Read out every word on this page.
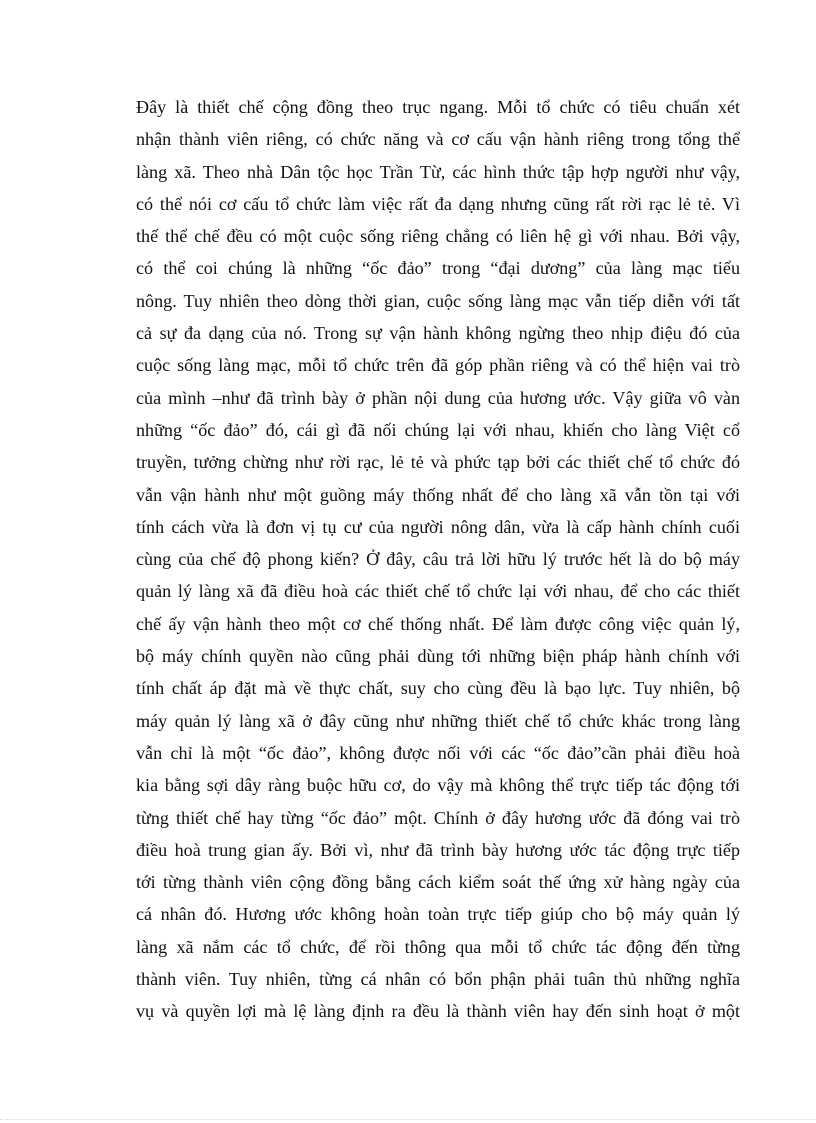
Đây là thiết chế cộng đồng theo trục ngang. Mỗi tổ chức có tiêu chuẩn xét
nhận thành viên riêng, có chức năng và cơ cấu vận hành riêng trong tổng thể
làng xã. Theo nhà Dân tộc học Trần Từ, các hình thức tập hợp người như vậy,
có thể nói cơ cấu tổ chức làm việc rất đa dạng nhưng cũng rất rời rạc lẻ tẻ. Vì
thế thể chế đều có một cuộc sống riêng chẳng có liên hệ gì với nhau. Bởi vậy,
có thể coi chúng là những “ốc đảo” trong “đại dương” của làng mạc tiểu
nông. Tuy nhiên theo dòng thời gian, cuộc sống làng mạc vẫn tiếp diễn với tất
cả sự đa dạng của nó. Trong sự vận hành không ngừng theo nhịp điệu đó của
cuộc sống làng mạc, mỗi tổ chức trên đã góp phần riêng và có thể hiện vai trò
của mình –như đã trình bày ở phần nội dung của hương ước. Vậy giữa vô vàn
những “ốc đảo” đó, cái gì đã nối chúng lại với nhau, khiến cho làng Việt cổ
truyền, tưởng chừng như rời rạc, lẻ tẻ và phức tạp bởi các thiết chế tổ chức đó
vẫn vận hành như một guồng máy thống nhất để cho làng xã vẫn tồn tại với
tính cách vừa là đơn vị tụ cư của người nông dân, vừa là cấp hành chính cuối
cùng của chế độ phong kiến? Ở đây, câu trả lời hữu lý trước hết là do bộ máy
quản lý làng xã đã điều hoà các thiết chế tổ chức lại với nhau, để cho các thiết
chế ấy vận hành theo một cơ chế thống nhất. Để làm được công việc quản lý,
bộ máy chính quyền nào cũng phải dùng tới những biện pháp hành chính với
tính chất áp đặt mà về thực chất, suy cho cùng đều là bạo lực. Tuy nhiên, bộ
máy quản lý làng xã ở đây cũng như những thiết chế tổ chức khác trong làng
vẫn chỉ là một “ốc đảo”, không được nối với các “ốc đảo”cần phải điều hoà
kia bằng sợi dây ràng buộc hữu cơ, do vậy mà không thể trực tiếp tác động tới
từng thiết chế hay từng “ốc đảo” một. Chính ở đây hương ước đã đóng vai trò
điều hoà trung gian ấy. Bởi vì, như đã trình bày hương ước tác động trực tiếp
tới từng thành viên cộng đồng bằng cách kiểm soát thế ứng xử hàng ngày của
cá nhân đó. Hương ước không hoàn toàn trực tiếp giúp cho bộ máy quản lý
làng xã nắm các tổ chức, để rồi thông qua mỗi tổ chức tác động đến từng
thành viên. Tuy nhiên, từng cá nhân có bổn phận phải tuân thủ những nghĩa
vụ và quyền lợi mà lệ làng định ra đều là thành viên hay đến sinh hoạt ở một
